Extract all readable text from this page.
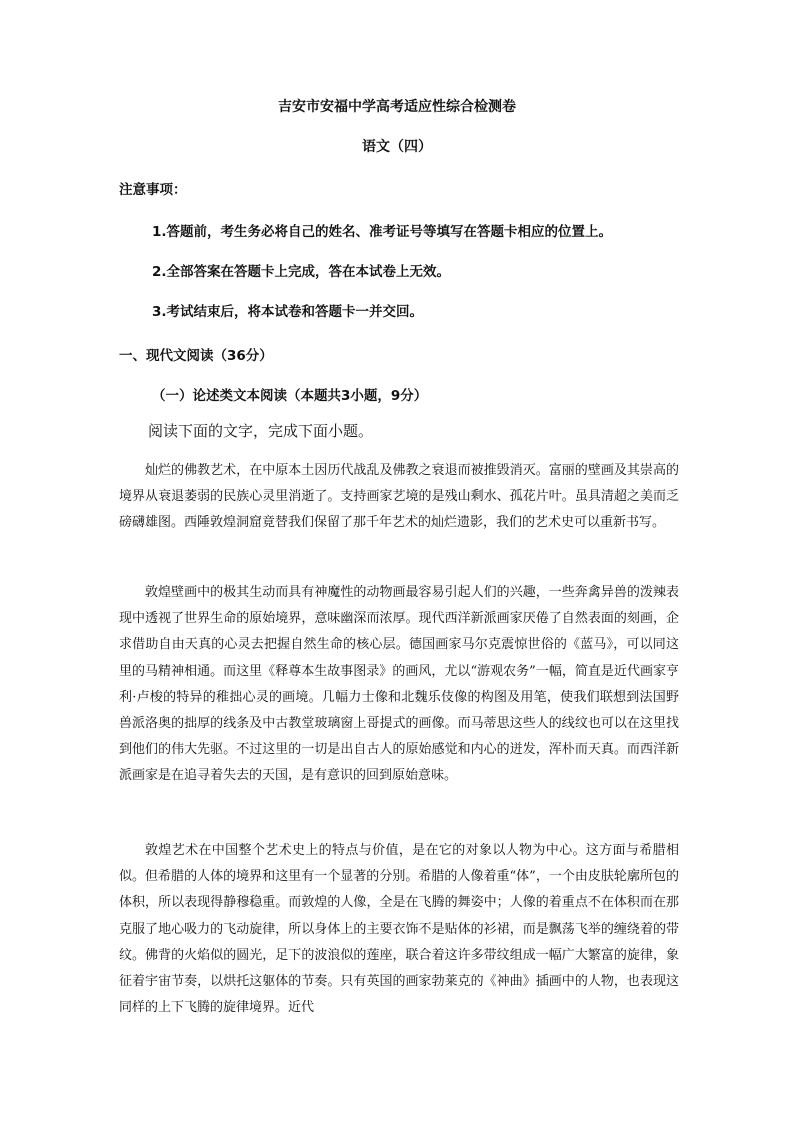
吉安市安福中学高考适应性综合检测卷
语文（四）
注意事项：
1.答题前，考生务必将自己的姓名、准考证号等填写在答题卡相应的位置上。
2.全部答案在答题卡上完成，答在本试卷上无效。
3.考试结束后，将本试卷和答题卡一并交回。
一、现代文阅读（36分）
（一）论述类文本阅读（本题共3小题，9分）
阅读下面的文字，完成下面小题。

灿烂的佛教艺术，在中原本土因历代战乱及佛教之衰退而被推毁消灭。富丽的壁画及其崇高的境界从衰退萎弱的民族心灵里消逝了。支持画家艺境的是残山剩水、孤花片叶。虽具清超之美而乏磅礴雄图。西陲敦煌洞窟竟替我们保留了那千年艺术的灿烂遗影，我们的艺术史可以重新书写。

敦煌壁画中的极其生动而具有神魔性的动物画最容易引起人们的兴趣，一些奔禽异兽的泼辣表现中透视了世界生命的原始境界，意味幽深而浓厚。现代西洋新派画家厌倦了自然表面的刻画，企求借助自由天真的心灵去把握自然生命的核心层。德国画家马尔克震惊世俗的《蓝马》，可以同这里的马精神相通。而这里《释尊本生故事图录》的画风，尤以“游观农务”一幅，简直是近代画家亨利·卢梭的特异的稚拙心灵的画境。几幅力士像和北魏乐伎像的构图及用笔，使我们联想到法国野兽派洛奥的拙厚的线条及中古教堂玻璃窗上哥提式的画像。而马蒂思这些人的线纹也可以在这里找到他们的伟大先驱。不过这里的一切是出自古人的原始感觉和内心的迸发，浑朴而天真。而西洋新派画家是在追寻着失去的天国，是有意识的回到原始意味。

敦煌艺术在中国整个艺术史上的特点与价值，是在它的对象以人物为中心。这方面与希腊相似。但希腊的人体的境界和这里有一个显著的分别。希腊的人像着重“体”，一个由皮肤轮廓所包的体积，所以表现得静穆稳重。而敦煌的人像，全是在飞腾的舞姿中；人像的着重点不在体积而在那克服了地心吸力的飞动旋律，所以身体上的主要衣饰不是贴体的衫裙，而是飘荡飞举的缠绕着的带纹。佛背的火焰似的圆光，足下的波浪似的莲座，联合着这许多带纹组成一幅广大繁富的旋律，象征着宇宙节奏，以烘托这躯体的节奏。只有英国的画家勃莱克的《神曲》插画中的人物，也表现这同样的上下飞腾的旋律境界。近代
